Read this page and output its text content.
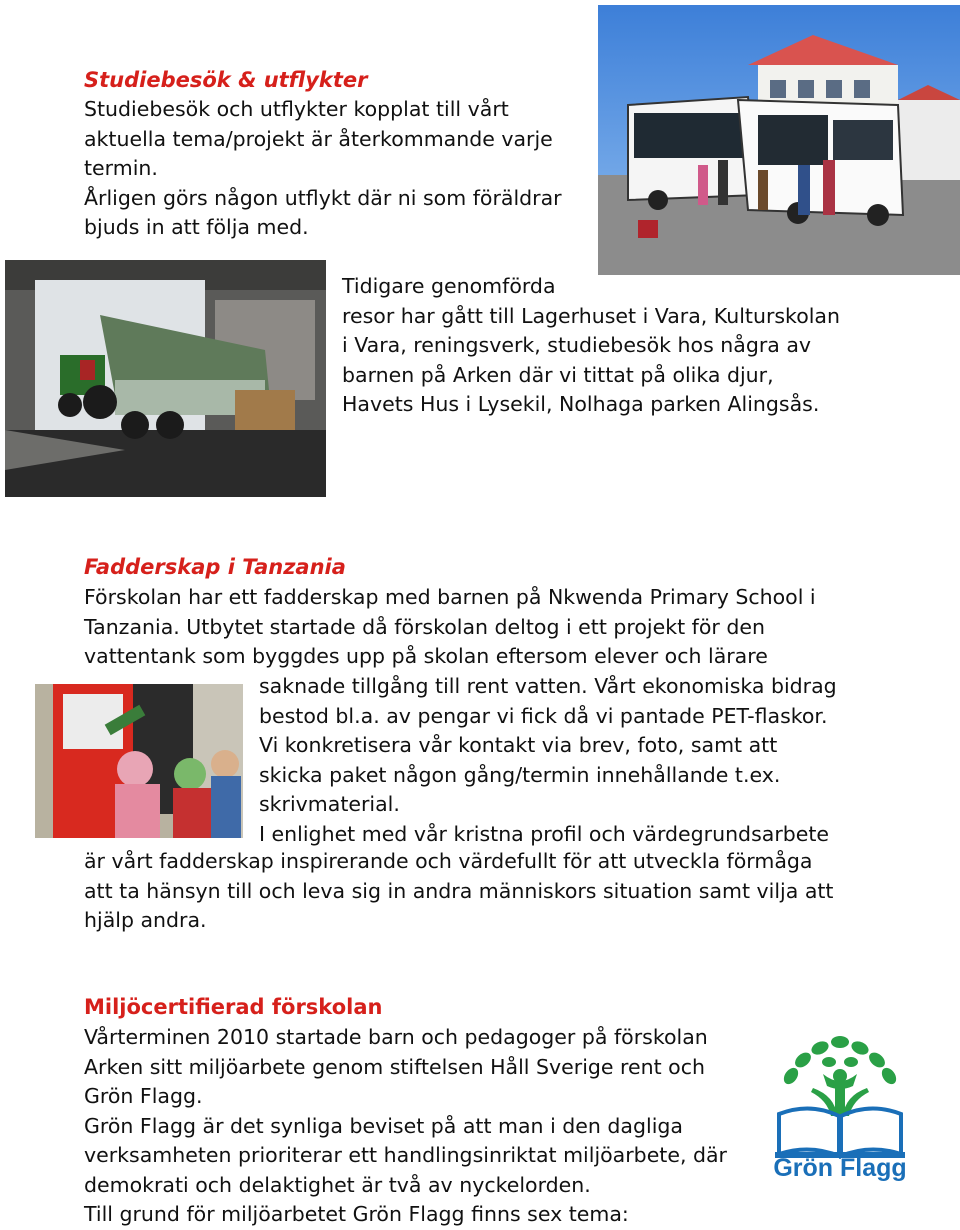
Studiebesök & utflykter
Studiebesök och utflykter kopplat till vårt
aktuella tema/projekt är återkommande varje
termin.
Årligen görs någon utflykt där ni som föräldrar
bjuds in att följa med.
Tidigare genomförda
resor har gått till Lagerhuset i Vara, Kulturskolan
i Vara, reningsverk, studiebesök hos några av
barnen på Arken där vi tittat på olika djur,
Havets Hus i Lysekil, Nolhaga parken Alingsås.
Fadderskap i Tanzania
Förskolan har ett fadderskap med barnen på Nkwenda Primary School i
Tanzania. Utbytet startade då förskolan deltog i ett projekt för den
vattentank som byggdes upp på skolan eftersom elever och lärare
saknade tillgång till rent vatten. Vårt ekonomiska bidrag
bestod bl.a. av pengar vi fick då vi pantade PET-flaskor.
Vi konkretisera vår kontakt via brev, foto, samt att
skicka paket någon gång/termin innehållande t.ex.
skrivmaterial.
I enlighet med vår kristna profil och värdegrundsarbete
är vårt fadderskap inspirerande och värdefullt för att utveckla förmåga
att ta hänsyn till och leva sig in andra människors situation samt vilja att
hjälp andra.
Miljöcertifierad förskolan
Vårterminen 2010 startade barn och pedagoger på förskolan
Arken sitt miljöarbete genom stiftelsen Håll Sverige rent och
Grön Flagg.
Grön Flagg är det synliga beviset på att man i den dagliga
verksamheten prioriterar ett handlingsinriktat miljöarbete, där
demokrati och delaktighet är två av nyckelorden.
Till grund för miljöarbetet Grön Flagg finns sex tema:
Grön Flagg
